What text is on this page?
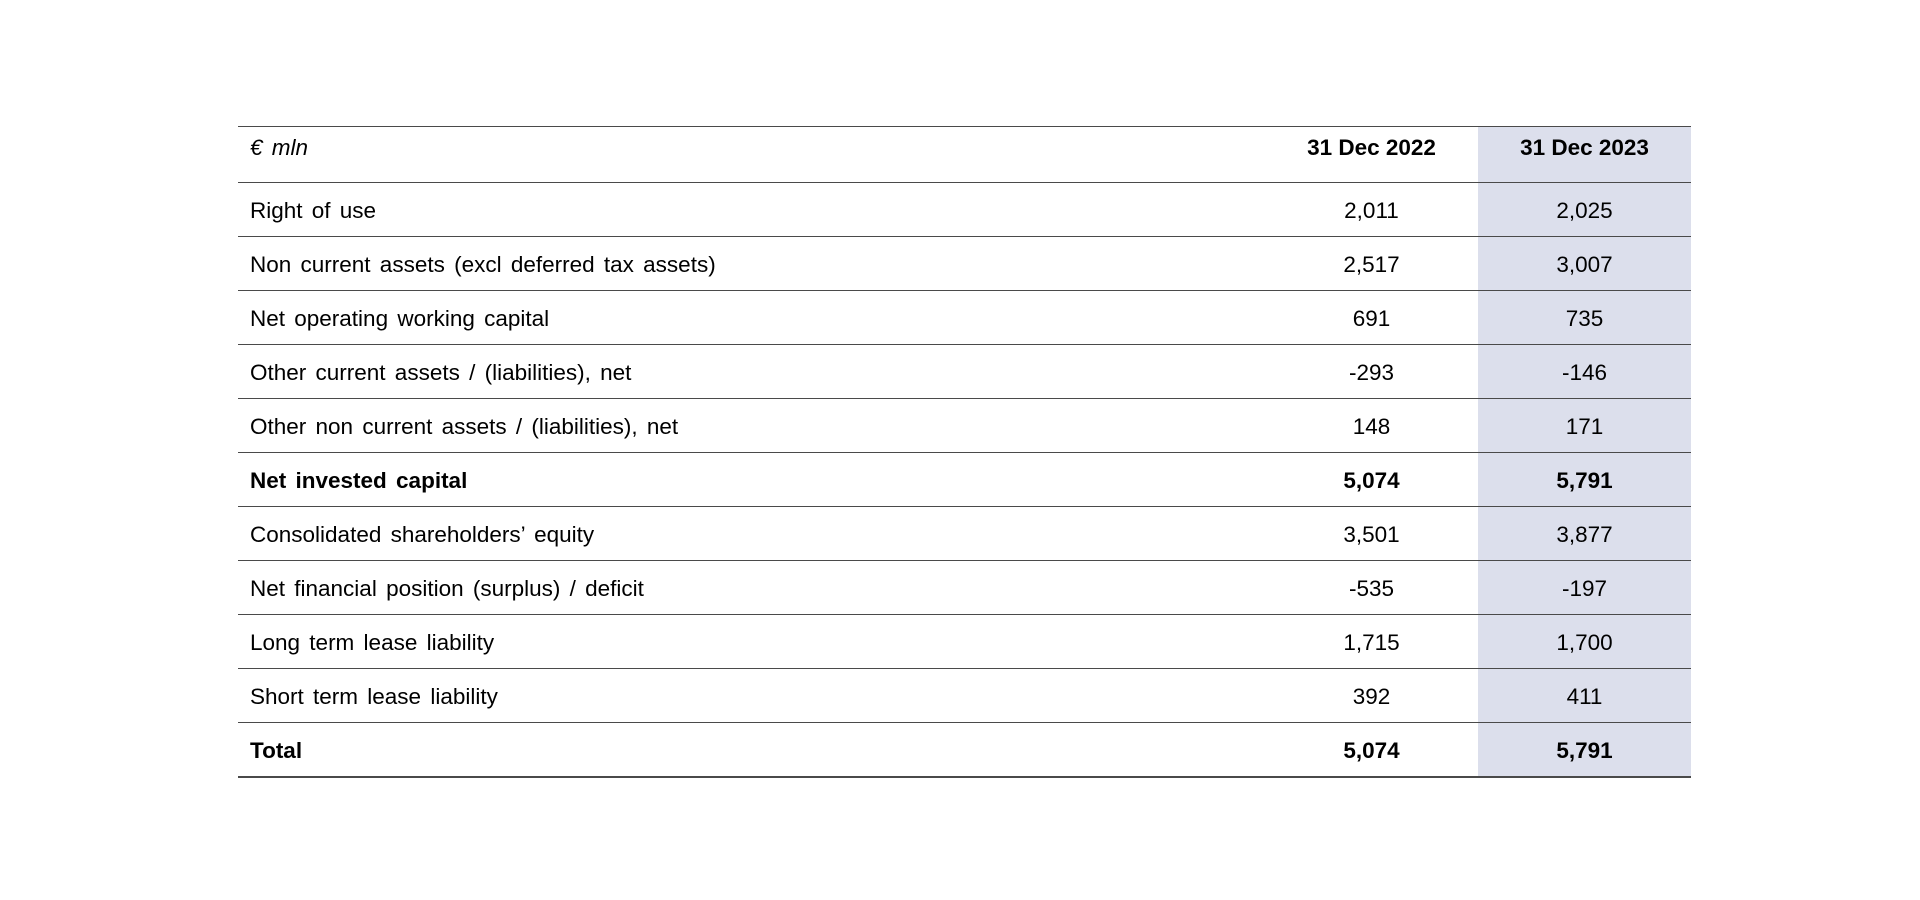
€ mln	31 Dec 2022	31 Dec 2023
Right of use	2,011	2,025
Non current assets (excl deferred tax assets)	2,517	3,007
Net operating working capital	691	735
Other current assets / (liabilities), net	-293	-146
Other non current assets / (liabilities), net	148	171
Net invested capital	5,074	5,791
Consolidated shareholders’ equity	3,501	3,877
Net financial position (surplus) / deficit	-535	-197
Long term lease liability	1,715	1,700
Short term lease liability	392	411
Total	5,074	5,791
